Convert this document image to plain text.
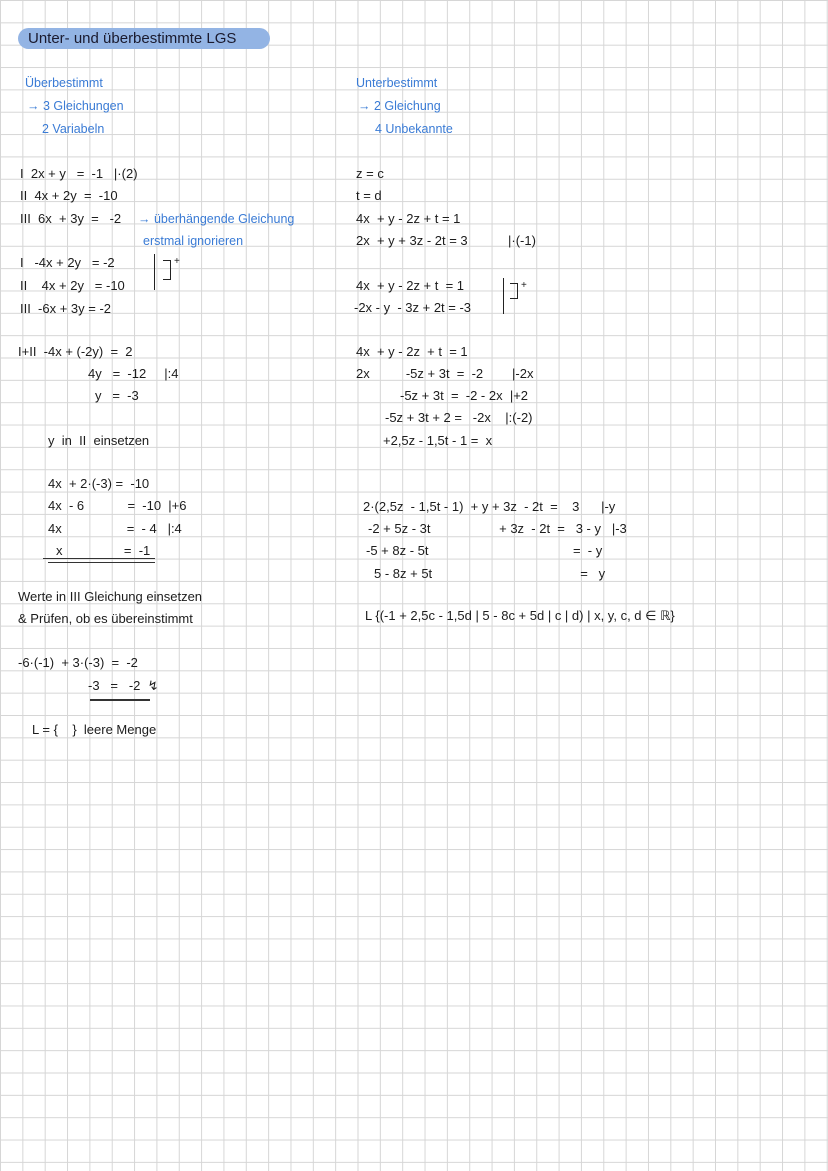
Unter- und überbestimmte LGS
Überbestimmt
→ 3 Gleichungen
2 Variabeln
I  2x + y   =  -1   |·(2)
II  4x + 2y  =  -10
III  6x  + 3y  =   -2 → überhängende Gleichung
erstmal ignorieren
I   -4x + 2y   = -2
II    4x + 2y   = -10
III  -6x + 3y = -2
+
I+II  -4x + (-2y)  =  2
4y   =  -12     |:4
y   =  -3
y  in  II  einsetzen
4x  + 2·(-3) =  -10
4x  - 6            =  -10  |+6
4x                  =  - 4   |:4
x                 =  -1
Werte in III Gleichung einsetzen
& Prüfen, ob es übereinstimmt
-6·(-1)  + 3·(-3)  =  -2
-3   =   -2  ↯
L = {    }  leere Menge
Unterbestimmt
→ 2 Gleichung
4 Unbekannte
z = c
t = d
4x  + y - 2z + t = 1
2x  + y + 3z - 2t = 3	|·(-1)
4x  + y - 2z + t  = 1
-2x - y  - 3z + 2t = -3
+
4x  + y - 2z  + t  = 1
2x          -5z + 3t  =  -2        |-2x
-5z + 3t  =  -2 - 2x  |+2
-5z + 3t + 2 =   -2x    |:(-2)
+2,5z - 1,5t - 1 =  x
2·(2,5z  - 1,5t - 1)  + y + 3z  - 2t  =    3      |-y
-2 + 5z - 3t                   + 3z  - 2t  =   3 - y   |-3
-5 + 8z - 5t                                        =  - y
5 - 8z + 5t                                         =   y
L {(-1 + 2,5c - 1,5d | 5 - 8c + 5d | c | d) | x, y, c, d ∈ ℝ}
